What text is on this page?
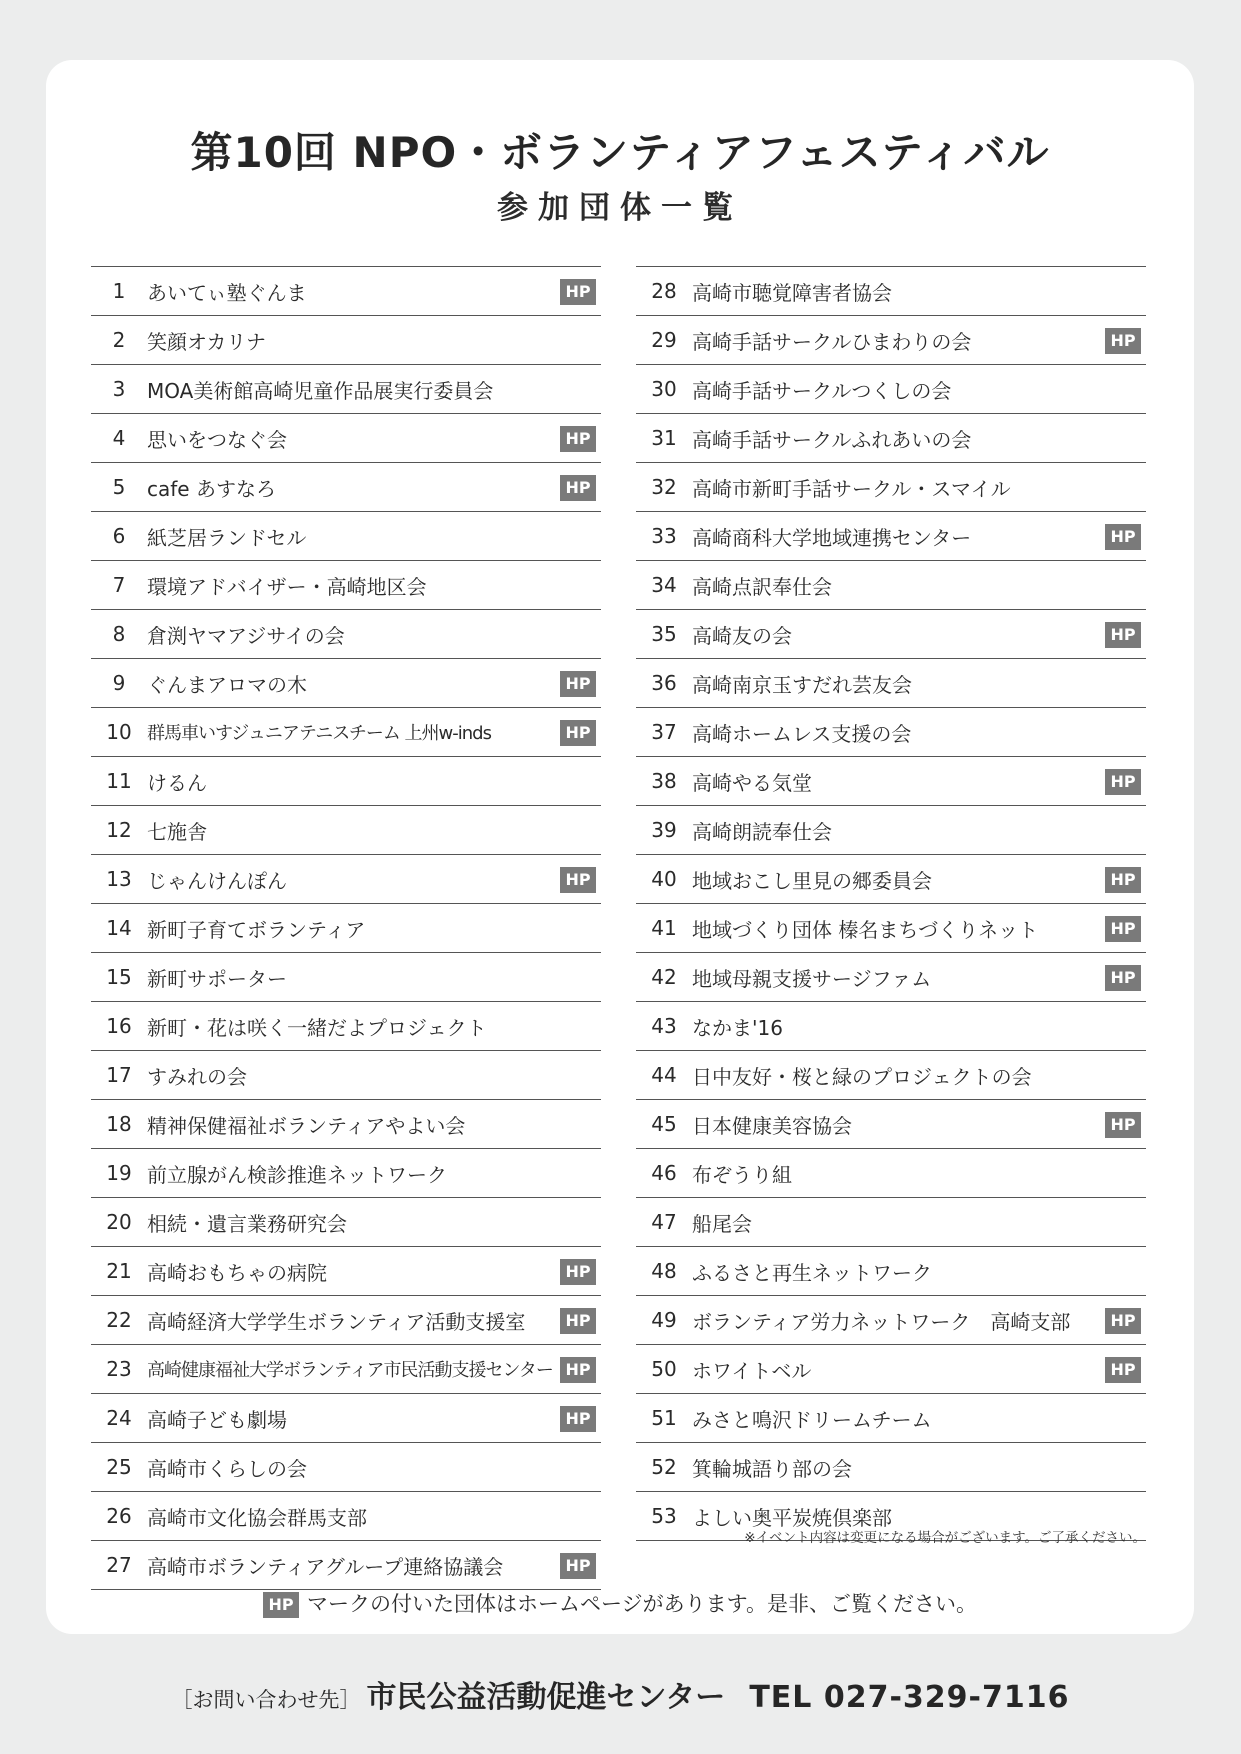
第10回 NPO・ボランティアフェスティバル
参加団体一覧
1	あいてぃ塾ぐんま	HP
2	笑顔オカリナ
3	MOA美術館高崎児童作品展実行委員会
4	思いをつなぐ会	HP
5	cafe あすなろ	HP
6	紙芝居ランドセル
7	環境アドバイザー・高崎地区会
8	倉渕ヤマアジサイの会
9	ぐんまアロマの木	HP
10 群馬車いすジュニアテニスチーム 上州w-inds	HP
11 けるん
12 七施舎
13 じゃんけんぽん	HP
14 新町子育てボランティア
15 新町サポーター
16 新町・花は咲く一緒だよプロジェクト
17 すみれの会
18 精神保健福祉ボランティアやよい会
19 前立腺がん検診推進ネットワーク
20 相続・遺言業務研究会
21 高崎おもちゃの病院	HP
22 高崎経済大学学生ボランティア活動支援室	HP
23 高崎健康福祉大学ボランティア市民活動支援センター HP
24 高崎子ども劇場	HP
25 高崎市くらしの会
26 高崎市文化協会群馬支部
27 高崎市ボランティアグループ連絡協議会	HP
28 高崎市聴覚障害者協会
29 高崎手話サークルひまわりの会	HP
30 高崎手話サークルつくしの会
31 高崎手話サークルふれあいの会
32 高崎市新町手話サークル・スマイル
33 高崎商科大学地域連携センター	HP
34 高崎点訳奉仕会
35 高崎友の会	HP
36 高崎南京玉すだれ芸友会
37 高崎ホームレス支援の会
38 高崎やる気堂	HP
39 高崎朗読奉仕会
40 地域おこし里見の郷委員会	HP
41 地域づくり団体 榛名まちづくりネット	HP
42 地域母親支援サージファム	HP
43 なかま'16
44 日中友好・桜と緑のプロジェクトの会
45 日本健康美容協会	HP
46 布ぞうり組
47 船尾会
48 ふるさと再生ネットワーク
49 ボランティア労力ネットワーク　高崎支部	HP
50 ホワイトベル	HP
51 みさと鳴沢ドリームチーム
52 箕輪城語り部の会
53 よしい奥平炭焼倶楽部
※イベント内容は変更になる場合がございます。ご了承ください。
HP マークの付いた団体はホームページがあります。是非、ご覧ください。
［お問い合わせ先］ 市民公益活動促進センター TEL 027-329-7116
